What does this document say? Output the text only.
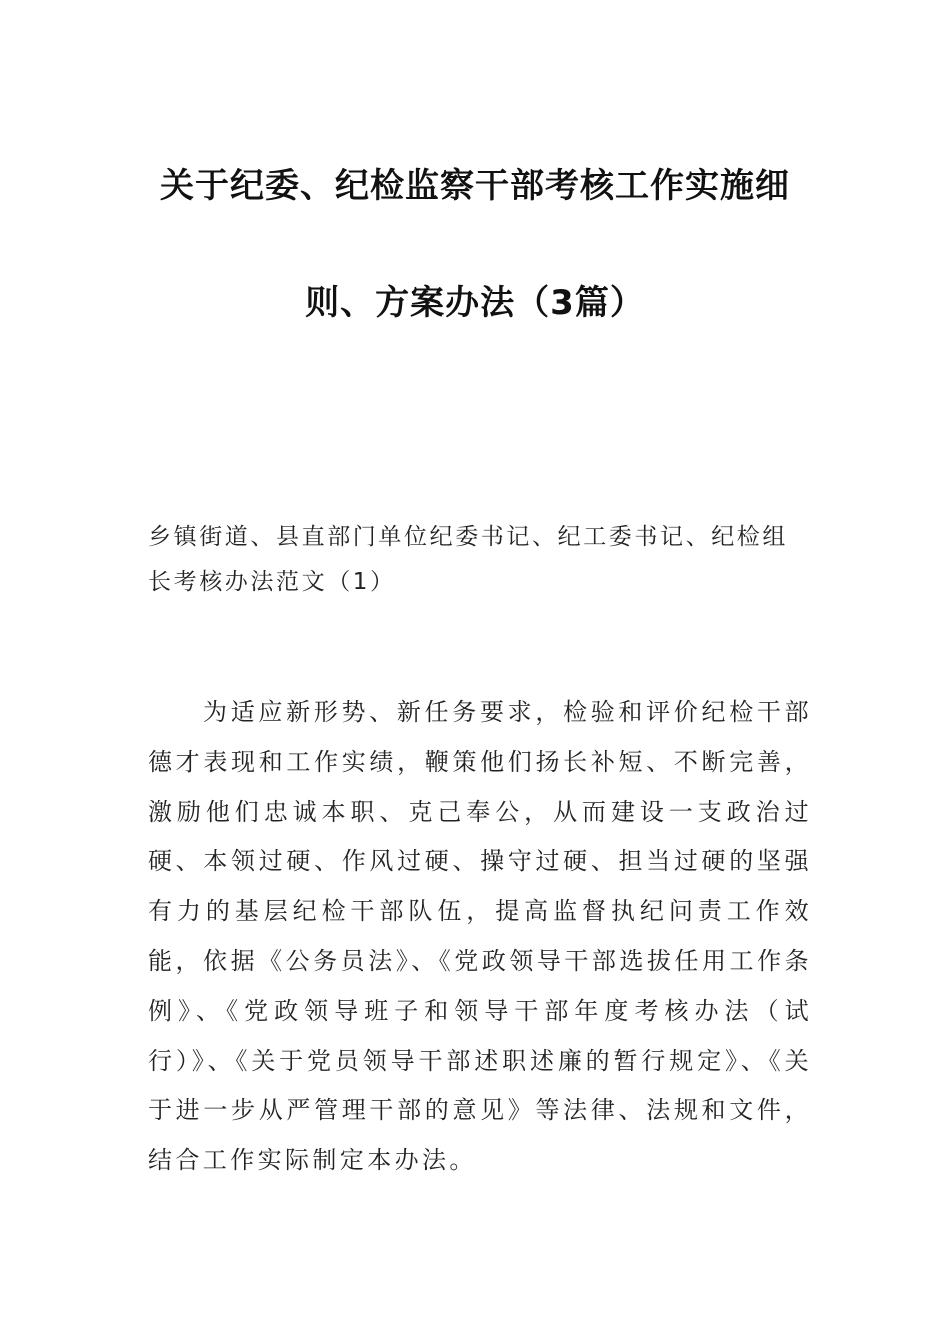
关于纪委、纪检监察干部考核工作实施细
则、方案办法（3篇）
乡镇街道、县直部门单位纪委书记、纪工委书记、纪检组长考核办法范文（1）

为适应新形势、新任务要求，检验和评价纪检干部德才表现和工作实绩，鞭策他们扬长补短、不断完善，激励他们忠诚本职、克己奉公，从而建设一支政治过硬、本领过硬、作风过硬、操守过硬、担当过硬的坚强有力的基层纪检干部队伍，提高监督执纪问责工作效能，依据《公务员法》、《党政领导干部选拔任用工作条例》、《党政领导班子和领导干部年度考核办法（试行）》、《关于党员领导干部述职述廉的暂行规定》、《关于进一步从严管理干部的意见》等法律、法规和文件，结合工作实际制定本办法。
